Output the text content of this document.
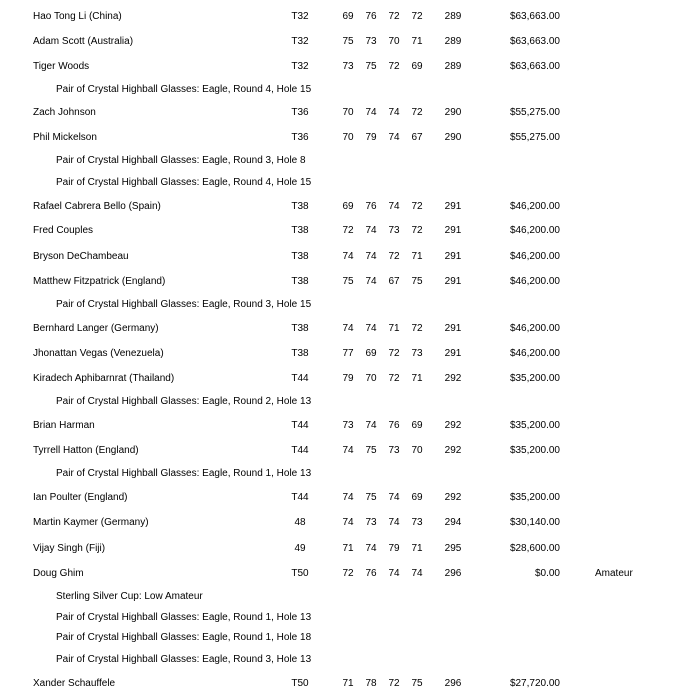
Hao Tong Li (China)	T32	69	76	72	72	289	$63,663.00
Adam Scott (Australia)	T32	75	73	70	71	289	$63,663.00
Tiger Woods	T32	73	75	72	69	289	$63,663.00
Pair of Crystal Highball Glasses: Eagle, Round 4, Hole 15
Zach Johnson	T36	70	74	74	72	290	$55,275.00
Phil Mickelson	T36	70	79	74	67	290	$55,275.00
Pair of Crystal Highball Glasses: Eagle, Round 3, Hole 8
Pair of Crystal Highball Glasses: Eagle, Round 4, Hole 15
Rafael Cabrera Bello (Spain)	T38	69	76	74	72	291	$46,200.00
Fred Couples	T38	72	74	73	72	291	$46,200.00
Bryson DeChambeau	T38	74	74	72	71	291	$46,200.00
Matthew Fitzpatrick (England)	T38	75	74	67	75	291	$46,200.00
Pair of Crystal Highball Glasses: Eagle, Round 3, Hole 15
Bernhard Langer (Germany)	T38	74	74	71	72	291	$46,200.00
Jhonattan Vegas (Venezuela)	T38	77	69	72	73	291	$46,200.00
Kiradech Aphibarnrat (Thailand)	T44	79	70	72	71	292	$35,200.00
Pair of Crystal Highball Glasses: Eagle, Round 2, Hole 13
Brian Harman	T44	73	74	76	69	292	$35,200.00
Tyrrell Hatton (England)	T44	74	75	73	70	292	$35,200.00
Pair of Crystal Highball Glasses: Eagle, Round 1, Hole 13
Ian Poulter (England)	T44	74	75	74	69	292	$35,200.00
Martin Kaymer (Germany)	48	74	73	74	73	294	$30,140.00
Vijay Singh (Fiji)	49	71	74	79	71	295	$28,600.00
Doug Ghim	T50	72	76	74	74	296	$0.00	Amateur
Sterling Silver Cup: Low Amateur
Pair of Crystal Highball Glasses: Eagle, Round 1, Hole 13
Pair of Crystal Highball Glasses: Eagle, Round 1, Hole 18
Pair of Crystal Highball Glasses: Eagle, Round 3, Hole 13
Xander Schauffele	T50	71	78	72	75	296	$27,720.00
